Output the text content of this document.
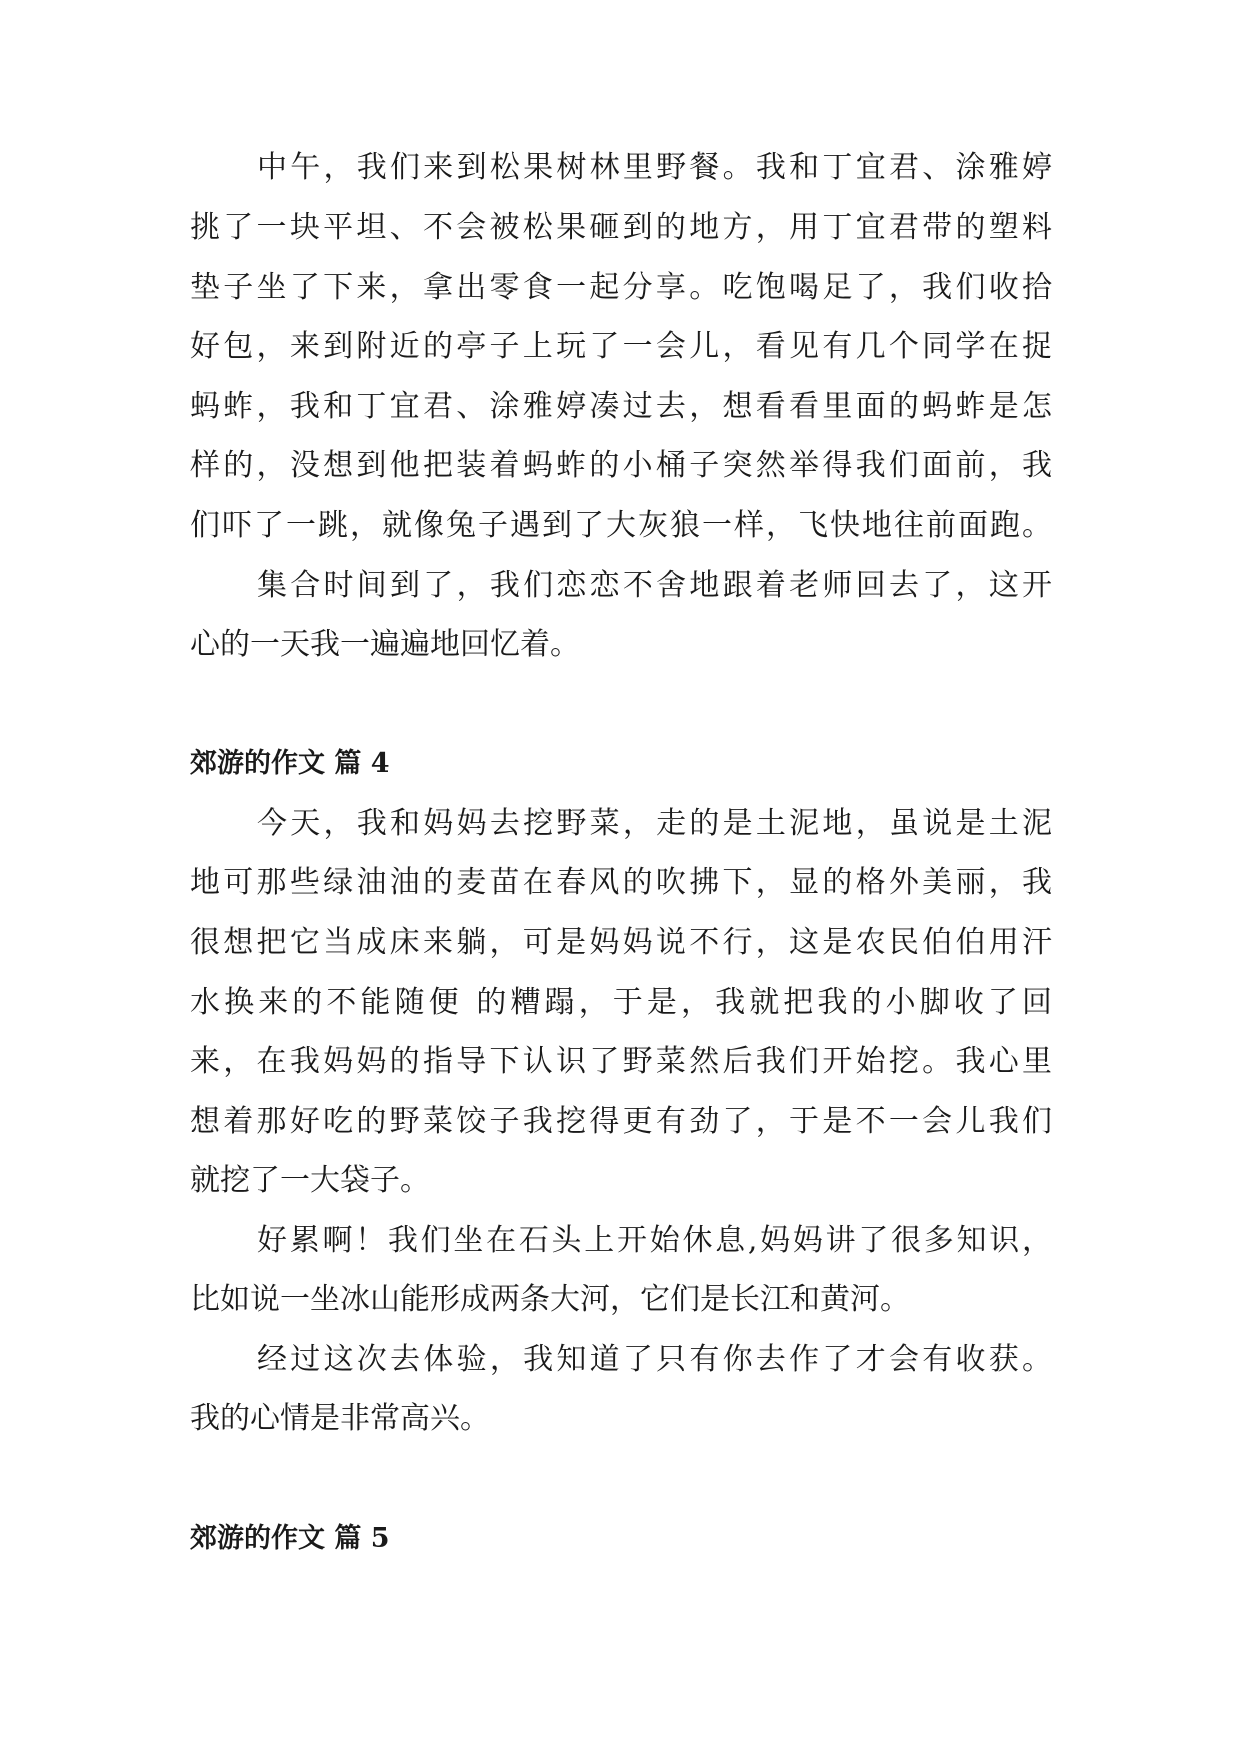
中午，我们来到松果树林里野餐。我和丁宜君、涂雅婷

挑了一块平坦、不会被松果砸到的地方，用丁宜君带的塑料

垫子坐了下来，拿出零食一起分享。吃饱喝足了，我们收拾

好包，来到附近的亭子上玩了一会儿，看见有几个同学在捉

蚂蚱，我和丁宜君、涂雅婷凑过去，想看看里面的蚂蚱是怎

样的，没想到他把装着蚂蚱的小桶子突然举得我们面前，我

们吓了一跳，就像兔子遇到了大灰狼一样，飞快地往前面跑。

集合时间到了，我们恋恋不舍地跟着老师回去了，这开

心的一天我一遍遍地回忆着。

郊游的作文 篇 4

今天，我和妈妈去挖野菜，走的是土泥地，虽说是土泥

地可那些绿油油的麦苗在春风的吹拂下，显的格外美丽，我

很想把它当成床来躺，可是妈妈说不行，这是农民伯伯用汗

水换来的不能随便 的糟蹋，于是，我就把我的小脚收了回

来，在我妈妈的指导下认识了野菜然后我们开始挖。我心里

想着那好吃的野菜饺子我挖得更有劲了，于是不一会儿我们

就挖了一大袋子。

好累啊！我们坐在石头上开始休息,妈妈讲了很多知识，

比如说一坐冰山能形成两条大河，它们是长江和黄河。

经过这次去体验，我知道了只有你去作了才会有收获。

我的心情是非常高兴。

郊游的作文 篇 5
